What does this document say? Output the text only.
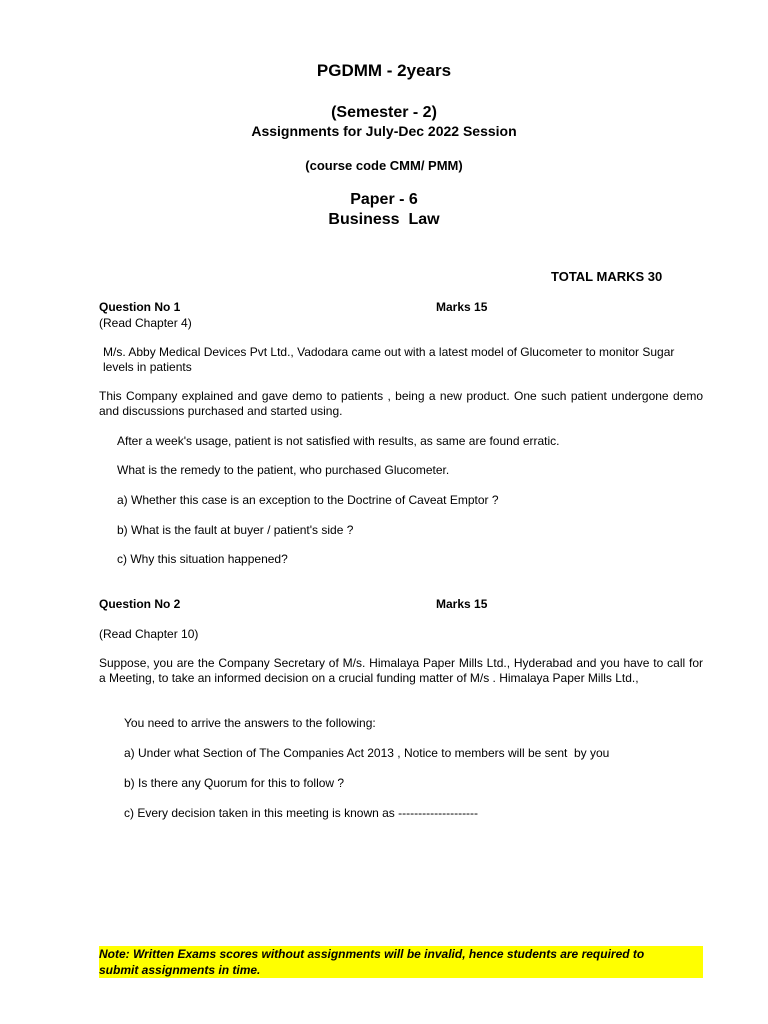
PGDMM - 2years
(Semester - 2)
Assignments for July-Dec 2022 Session
(course code CMM/ PMM)
Paper - 6
Business  Law
TOTAL MARKS 30
Question No 1	Marks 15
(Read Chapter 4)
M/s. Abby Medical Devices Pvt Ltd., Vadodara came out with a latest model of Glucometer to monitor Sugar levels in patients
This Company explained and gave demo to patients , being a new product. One such patient undergone demo and discussions purchased and started using.
After a week's usage, patient is not satisfied with results, as same are found erratic.
What is the remedy to the patient, who purchased Glucometer.
a) Whether this case is an exception to the Doctrine of Caveat Emptor ?
b) What is the fault at buyer / patient's side ?
c) Why this situation happened?
Question No 2	Marks 15
(Read Chapter 10)
Suppose, you are the Company Secretary of M/s. Himalaya Paper Mills Ltd., Hyderabad and you have to call for a Meeting, to take an informed decision on a crucial funding matter of M/s . Himalaya Paper Mills Ltd.,
You need to arrive the answers to the following:
a) Under what Section of The Companies Act 2013 , Notice to members will be sent  by you
b) Is there any Quorum for this to follow ?
c) Every decision taken in this meeting is known as --------------------
Note: Written Exams scores without assignments will be invalid, hence students are required to
submit assignments in time.
